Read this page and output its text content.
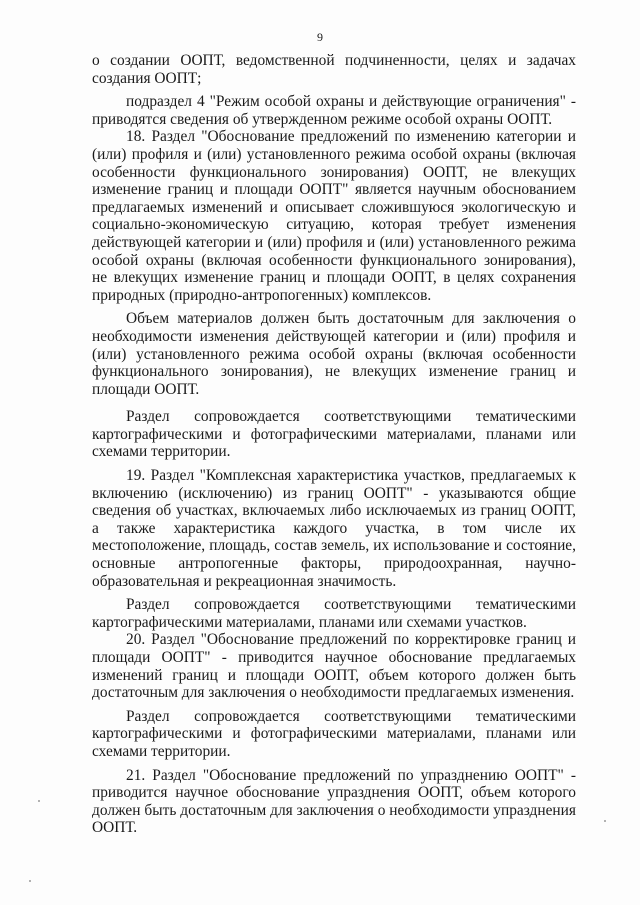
9

о создании ООПТ, ведомственной подчиненности, целях и задачах создания ООПТ;

подраздел 4 "Режим особой охраны и действующие ограничения" - приводятся сведения об утвержденном режиме особой охраны ООПТ.

18. Раздел "Обоснование предложений по изменению категории и (или) профиля и (или) установленного режима особой охраны (включая особенности функционального зонирования) ООПТ, не влекущих изменение границ и площади ООПТ" является научным обоснованием предлагаемых изменений и описывает сложившуюся экологическую и социально-экономическую ситуацию, которая требует изменения действующей категории и (или) профиля и (или) установленного режима особой охраны (включая особенности функционального зонирования), не влекущих изменение границ и площади ООПТ, в целях сохранения природных (природно-антропогенных) комплексов.

Объем материалов должен быть достаточным для заключения о необходимости изменения действующей категории и (или) профиля и (или) установленного режима особой охраны (включая особенности функционального зонирования), не влекущих изменение границ и площади ООПТ.

Раздел сопровождается соответствующими тематическими картографическими и фотографическими материалами, планами или схемами территории.

19. Раздел "Комплексная характеристика участков, предлагаемых к включению (исключению) из границ ООПТ" - указываются общие сведения об участках, включаемых либо исключаемых из границ ООПТ, а также характеристика каждого участка, в том числе их местоположение, площадь, состав земель, их использование и состояние, основные антропогенные факторы, природоохранная, научно-образовательная и рекреационная значимость.

Раздел сопровождается соответствующими тематическими картографическими материалами, планами или схемами участков.

20. Раздел "Обоснование предложений по корректировке границ и площади ООПТ" - приводится научное обоснование предлагаемых изменений границ и площади ООПТ, объем которого должен быть достаточным для заключения о необходимости предлагаемых изменения.

Раздел сопровождается соответствующими тематическими картографическими и фотографическими материалами, планами или схемами территории.

21. Раздел "Обоснование предложений по упразднению ООПТ" - приводится научное обоснование упразднения ООПТ, объем которого должен быть достаточным для заключения о необходимости упразднения ООПТ.
